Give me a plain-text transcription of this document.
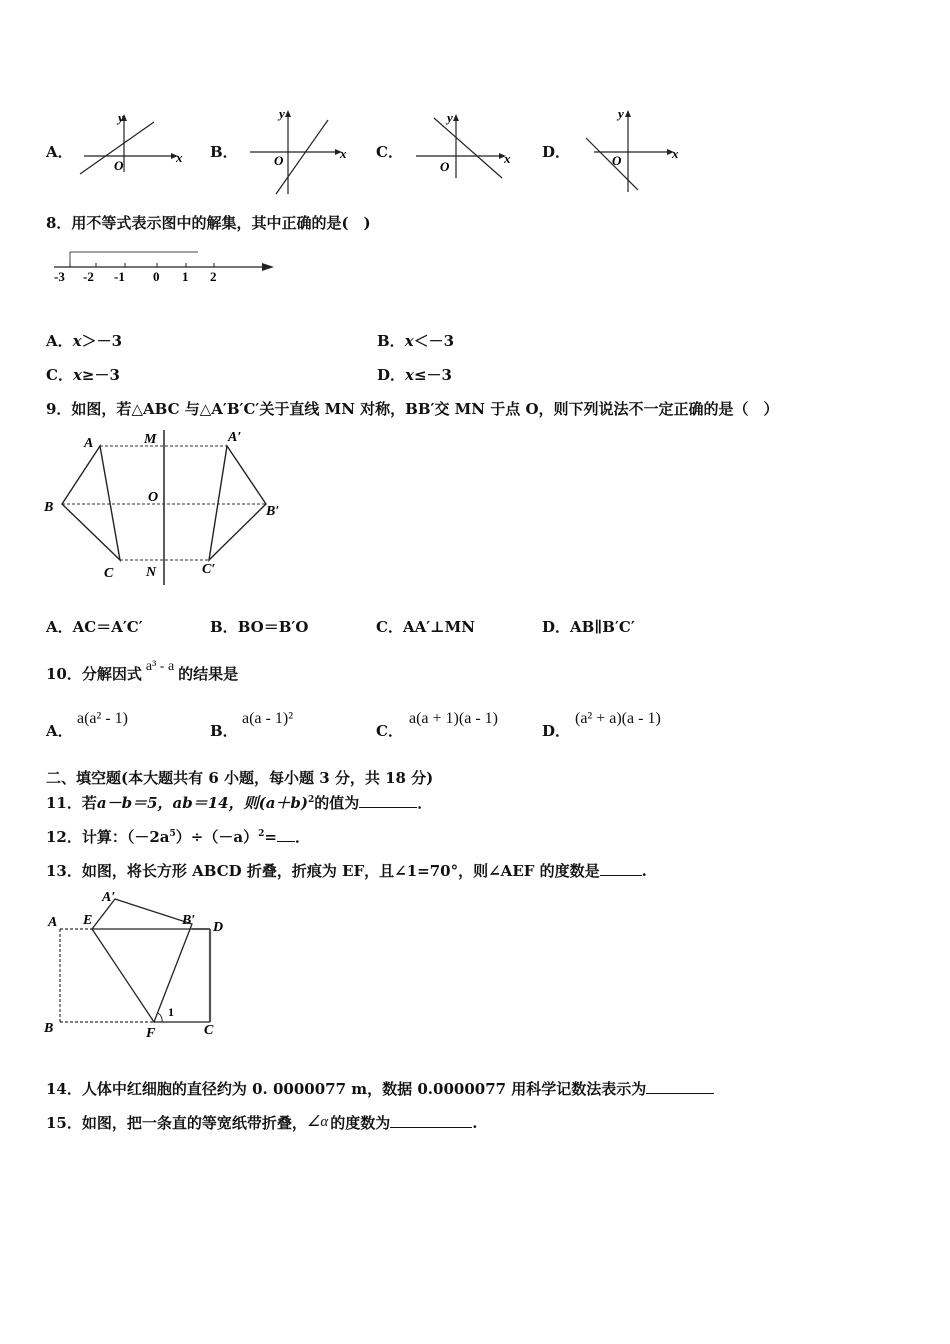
A．	x
y
O
B．	x
y
O	C．	x
y
O
D．	x
y
O
8．用不等式表示图中的解集，其中正确的是(　)
-3 -2 -1 0 1 2
A．x＞－3	B．x＜－3
C．x≥－3	D．x≤－3
9．如图，若△ABC 与△A′B′C′关于直线 MN 对称，BB′交 MN 于点 O，则下列说法不一定正确的是（　）
A
B
C
M
O
N
A′
B′
C′
A．AC＝A′C′	B．BO＝B′O	C．AA′⊥MN	D．AB∥B′C′
10．分解因式 a³ - a 的结果是
A．
a(a² - 1)
B．
a(a - 1)²
C．
a(a + 1)(a - 1)
D．
(a² + a)(a - 1)
二、填空题(本大题共有 6 小题，每小题 3 分，共 18 分)
11．若a－b＝5，ab＝14，则$(a+b)^2$的值为	．
12．计算：$(-2a^5)\div(-a)^2=$ ．
13．如图，将长方形 ABCD 折叠，折痕为 EF，且∠1=70°，则∠AEF 的度数是	.
A
B	C
D
E
F
A′
B′
1
14．人体中红细胞的直径约为 0. 0000077 m，数据 0.0000077 用科学记数法表示为
15．如图，把一条直的等宽纸带折叠，∠α 的度数为	.
